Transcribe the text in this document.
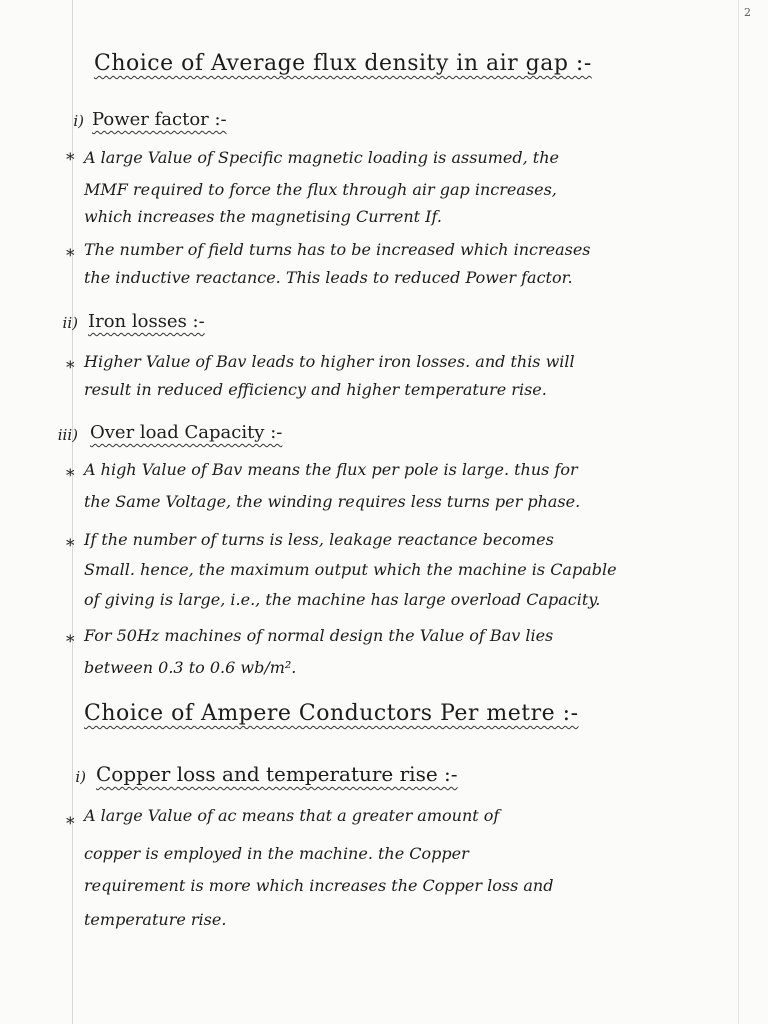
2
Choice of Average flux density in air gap :-
i) Power factor :-
* A large Value of Specific magnetic loading is assumed, the
MMF required to force the flux through air gap increases,
which increases the magnetising Current If.
* The number of field turns has to be increased which increases
the inductive reactance. This leads to reduced Power factor.
ii) Iron losses :-
* Higher Value of Bav leads to higher iron losses. and this will
result in reduced efficiency and higher temperature rise.
iii) Over load Capacity :-
* A high Value of Bav means the flux per pole is large. thus for
the Same Voltage, the winding requires less turns per phase.
* If the number of turns is less, leakage reactance becomes
Small. hence, the maximum output which the machine is Capable
of giving is large, i.e., the machine has large overload Capacity.
* For 50Hz machines of normal design the Value of Bav lies
between 0.3 to 0.6 wb/m².
Choice of Ampere Conductors Per metre :-
i) Copper loss and temperature rise :-
* A large Value of ac means that a greater amount of
copper is employed in the machine. the Copper
requirement is more which increases the Copper loss and
temperature rise.
